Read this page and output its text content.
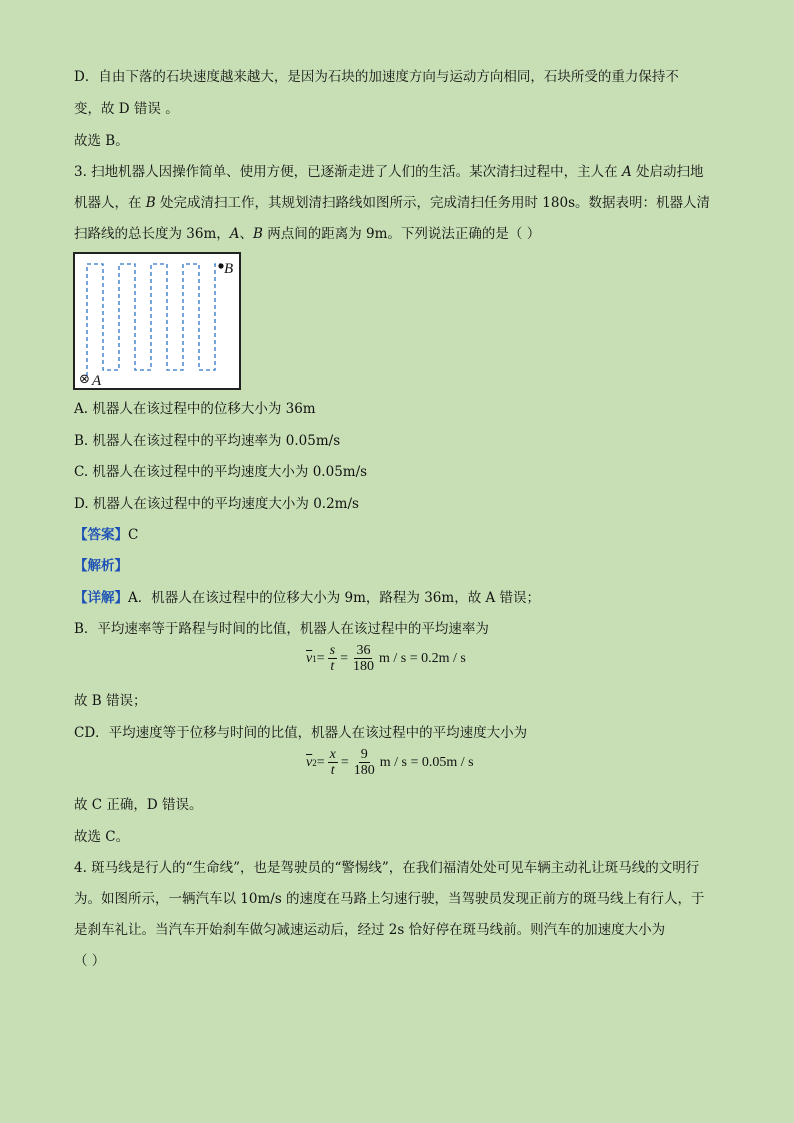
D．自由下落的石块速度越来越大，是因为石块的加速度方向与运动方向相同，石块所受的重力保持不
变，故 D 错误 。
故选 B。
3. 扫地机器人因操作简单、使用方便，已逐渐走进了人们的生活。某次清扫过程中，主人在 A 处启动扫地
机器人，在 B 处完成清扫工作，其规划清扫路线如图所示，完成清扫任务用时 180s。数据表明：机器人清
扫路线的总长度为 36m，A、B 两点间的距离为 9m。下列说法正确的是（ ）
B
⊗ A
A. 机器人在该过程中的位移大小为 36m
B. 机器人在该过程中的平均速率为 0.05m/s
C. 机器人在该过程中的平均速度大小为 0.05m/s
D. 机器人在该过程中的平均速度大小为 0.2m/s
【答案】C
【解析】
【详解】A．机器人在该过程中的位移大小为 9m，路程为 36m，故 A 错误；
B．平均速率等于路程与时间的比值，机器人在该过程中的平均速率为
$\overline{v}$ $1 = \frac{s}{t} = \frac{36}{180}$ m / s = 0.2m / s
故 B 错误；
CD．平均速度等于位移与时间的比值，机器人在该过程中的平均速度大小为
$\overline{v}$ $2 = \frac{x}{t} = \frac{9}{180}$ m / s = 0.05m / s
故 C 正确，D 错误。
故选 C。
4. 斑马线是行人的“生命线”，也是驾驶员的“警惕线”，在我们福清处处可见车辆主动礼让斑马线的文明行
为。如图所示，一辆汽车以 10m/s 的速度在马路上匀速行驶，当驾驶员发现正前方的斑马线上有行人，于
是刹车礼让。当汽车开始刹车做匀减速运动后，经过 2s 恰好停在斑马线前。则汽车的加速度大小为
（ ）
